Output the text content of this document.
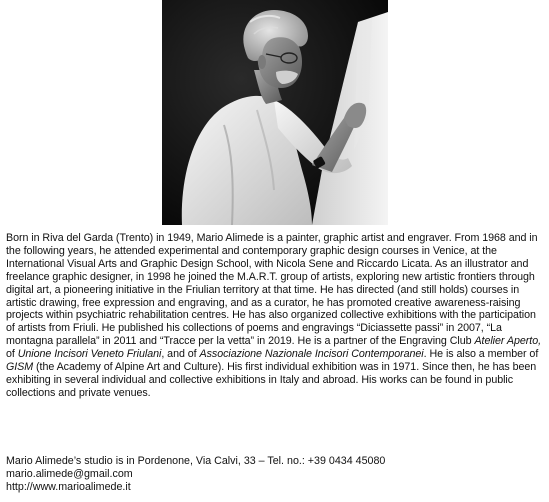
Born in Riva del Garda (Trento) in 1949, Mario Alimede is a painter, graphic artist and engraver. From 1968 and in the following years, he attended experimental and contemporary graphic design courses in Venice, at the International Visual Arts and Graphic Design School, with Nicola Sene and Riccardo Licata. As an illustrator and freelance graphic designer, in 1998 he joined the M.A.R.T. group of artists, exploring new artistic frontiers through digital art, a pioneering initiative in the Friulian territory at that time. He has directed (and still holds) courses in artistic drawing, free expression and engraving, and as a curator, he has promoted creative awareness-raising projects within psychiatric rehabilitation centres. He has also organized collective exhibitions with the participation of artists from Friuli. He published his collections of poems and engravings “Diciassette passi” in 2007, “La montagna parallela” in 2011 and “Tracce per la vetta” in 2019. He is a partner of the Engraving Club Atelier Aperto, of Unione Incisori Veneto Friulani, and of Associazione Nazionale Incisori Contemporanei. He is also a member of GISM (the Academy of Alpine Art and Culture). His first individual exhibition was in 1971. Since then, he has been exhibiting in several individual and collective exhibitions in Italy and abroad. His works can be found in public collections and private venues.

Mario Alimede’s studio is in Pordenone, Via Calvi, 33 – Tel. no.: +39 0434 45080
mario.alimede@gmail.com
http://www.marioalimede.it
